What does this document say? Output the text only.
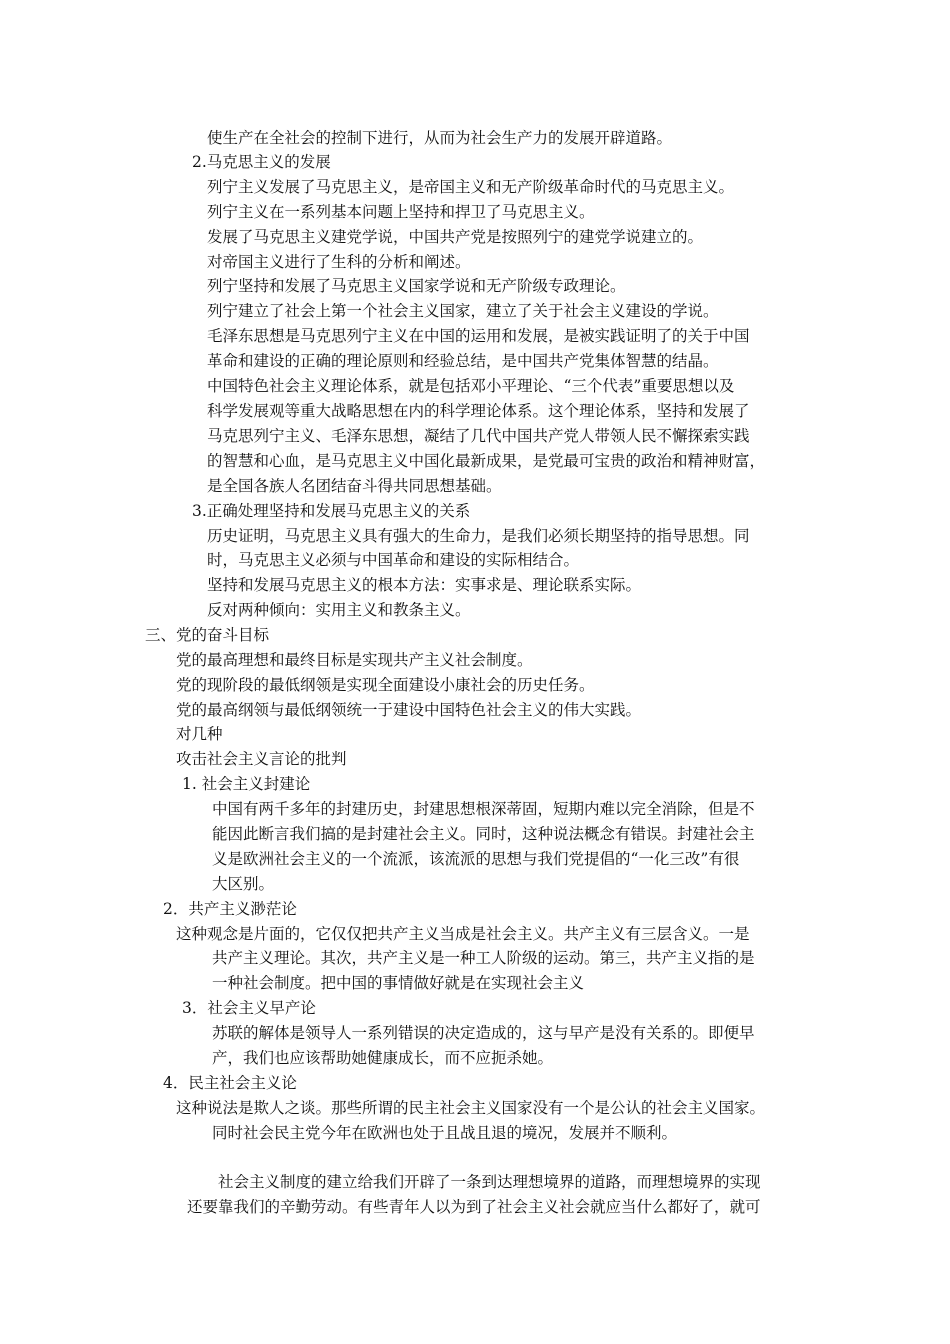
使生产在全社会的控制下进行，从而为社会生产力的发展开辟道路。
2.马克思主义的发展
列宁主义发展了马克思主义，是帝国主义和无产阶级革命时代的马克思主义。
列宁主义在一系列基本问题上坚持和捍卫了马克思主义。
发展了马克思主义建党学说，中国共产党是按照列宁的建党学说建立的。
对帝国主义进行了生科的分析和阐述。
列宁坚持和发展了马克思主义国家学说和无产阶级专政理论。
列宁建立了社会上第一个社会主义国家，建立了关于社会主义建设的学说。
毛泽东思想是马克思列宁主义在中国的运用和发展，是被实践证明了的关于中国
革命和建设的正确的理论原则和经验总结，是中国共产党集体智慧的结晶。
中国特色社会主义理论体系，就是包括邓小平理论、“三个代表”重要思想以及
科学发展观等重大战略思想在内的科学理论体系。这个理论体系，坚持和发展了
马克思列宁主义、毛泽东思想，凝结了几代中国共产党人带领人民不懈探索实践
的智慧和心血，是马克思主义中国化最新成果，是党最可宝贵的政治和精神财富，
是全国各族人名团结奋斗得共同思想基础。
3.正确处理坚持和发展马克思主义的关系
历史证明，马克思主义具有强大的生命力，是我们必须长期坚持的指导思想。同
时，马克思主义必须与中国革命和建设的实际相结合。
坚持和发展马克思主义的根本方法：实事求是、理论联系实际。
反对两种倾向：实用主义和教条主义。
三、党的奋斗目标
党的最高理想和最终目标是实现共产主义社会制度。
党的现阶段的最低纲领是实现全面建设小康社会的历史任务。
党的最高纲领与最低纲领统一于建设中国特色社会主义的伟大实践。
对几种
攻击社会主义言论的批判
1. 社会主义封建论
中国有两千多年的封建历史，封建思想根深蒂固，短期内难以完全消除，但是不
能因此断言我们搞的是封建社会主义。同时，这种说法概念有错误。封建社会主
义是欧洲社会主义的一个流派，该流派的思想与我们党提倡的“一化三改”有很
大区别。
2．共产主义渺茫论
这种观念是片面的，它仅仅把共产主义当成是社会主义。共产主义有三层含义。一是
共产主义理论。其次，共产主义是一种工人阶级的运动。第三，共产主义指的是
一种社会制度。把中国的事情做好就是在实现社会主义
3．社会主义早产论
苏联的解体是领导人一系列错误的决定造成的，这与早产是没有关系的。即便早
产，我们也应该帮助她健康成长，而不应扼杀她。
4．民主社会主义论
这种说法是欺人之谈。那些所谓的民主社会主义国家没有一个是公认的社会主义国家。
同时社会民主党今年在欧洲也处于且战且退的境况，发展并不顺利。
社会主义制度的建立给我们开辟了一条到达理想境界的道路，而理想境界的实现
还要靠我们的辛勤劳动。有些青年人以为到了社会主义社会就应当什么都好了，就可
